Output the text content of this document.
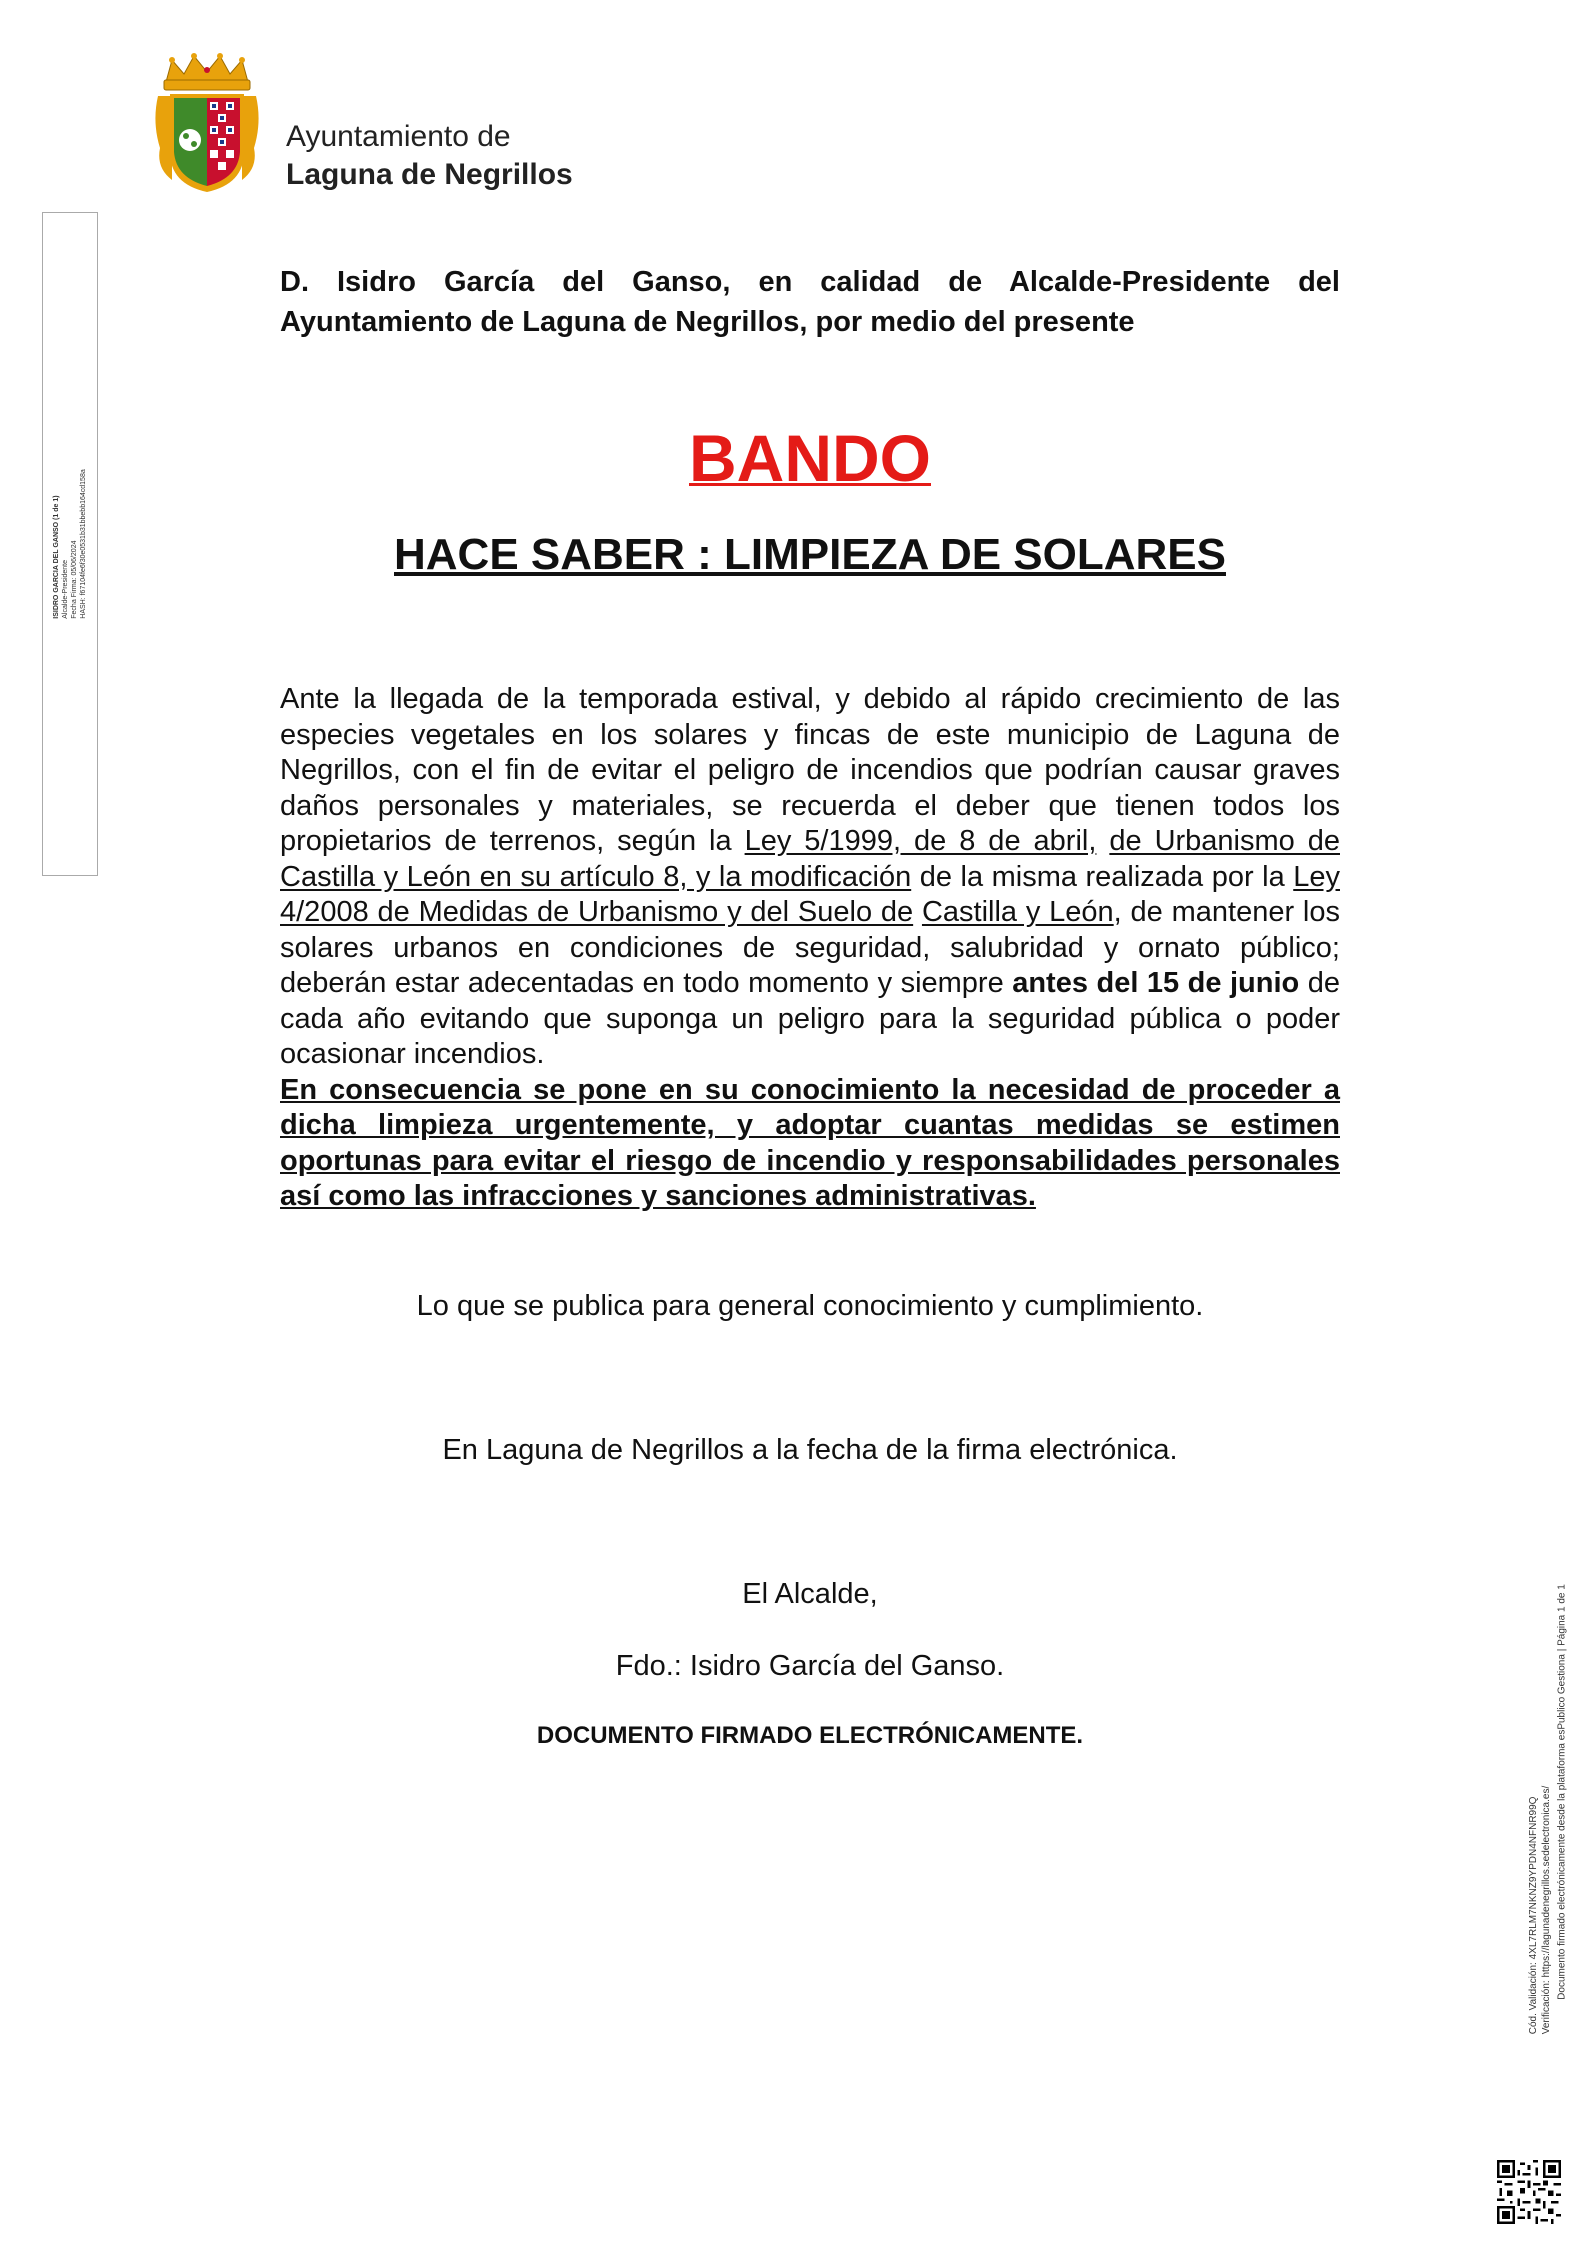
Ayuntamiento de
Laguna de Negrillos
ISIDRO GARCIA DEL GANSO (1 de 1) Alcalde-Presidente Fecha Firma: 05/06/2024 HASH: f67104fe6f30e0531b31bbebb164cd158a
D. Isidro García del Ganso, en calidad de Alcalde-Presidente del Ayuntamiento de Laguna de Negrillos, por medio del presente
BANDO
HACE SABER : LIMPIEZA DE SOLARES
Ante la llegada de la temporada estival, y debido al rápido crecimiento de las especies vegetales en los solares y fincas de este municipio de Laguna de Negrillos, con el fin de evitar el peligro de incendios que podrían causar graves daños personales y materiales, se recuerda el deber que tienen todos los propietarios de terrenos, según la Ley 5/1999, de 8 de abril, de Urbanismo de Castilla y León en su artículo 8, y la modificación de la misma realizada por la Ley 4/2008 de Medidas de Urbanismo y del Suelo de Castilla y León, de mantener los solares urbanos en condiciones de seguridad, salubridad y ornato público; deberán estar adecentadas en todo momento y siempre antes del 15 de junio de cada año evitando que suponga un peligro para la seguridad pública o poder ocasionar incendios.
En consecuencia se pone en su conocimiento la necesidad de proceder a dicha limpieza urgentemente, y adoptar cuantas medidas se estimen oportunas para evitar el riesgo de incendio y responsabilidades personales así como las infracciones y sanciones administrativas.
Lo que se publica para general conocimiento y cumplimiento.
En Laguna de Negrillos a la fecha de la firma electrónica.
El Alcalde,
Fdo.: Isidro García del Ganso.
DOCUMENTO FIRMADO ELECTRÓNICAMENTE.
Cód. Validación: 4XL7RLM7NKNZ9YPDN4NFNR99Q Verificación: https://lagunadenegrillos.sedelectronica.es/ Documento firmado electrónicamente desde la plataforma esPublico Gestiona | Página 1 de 1
